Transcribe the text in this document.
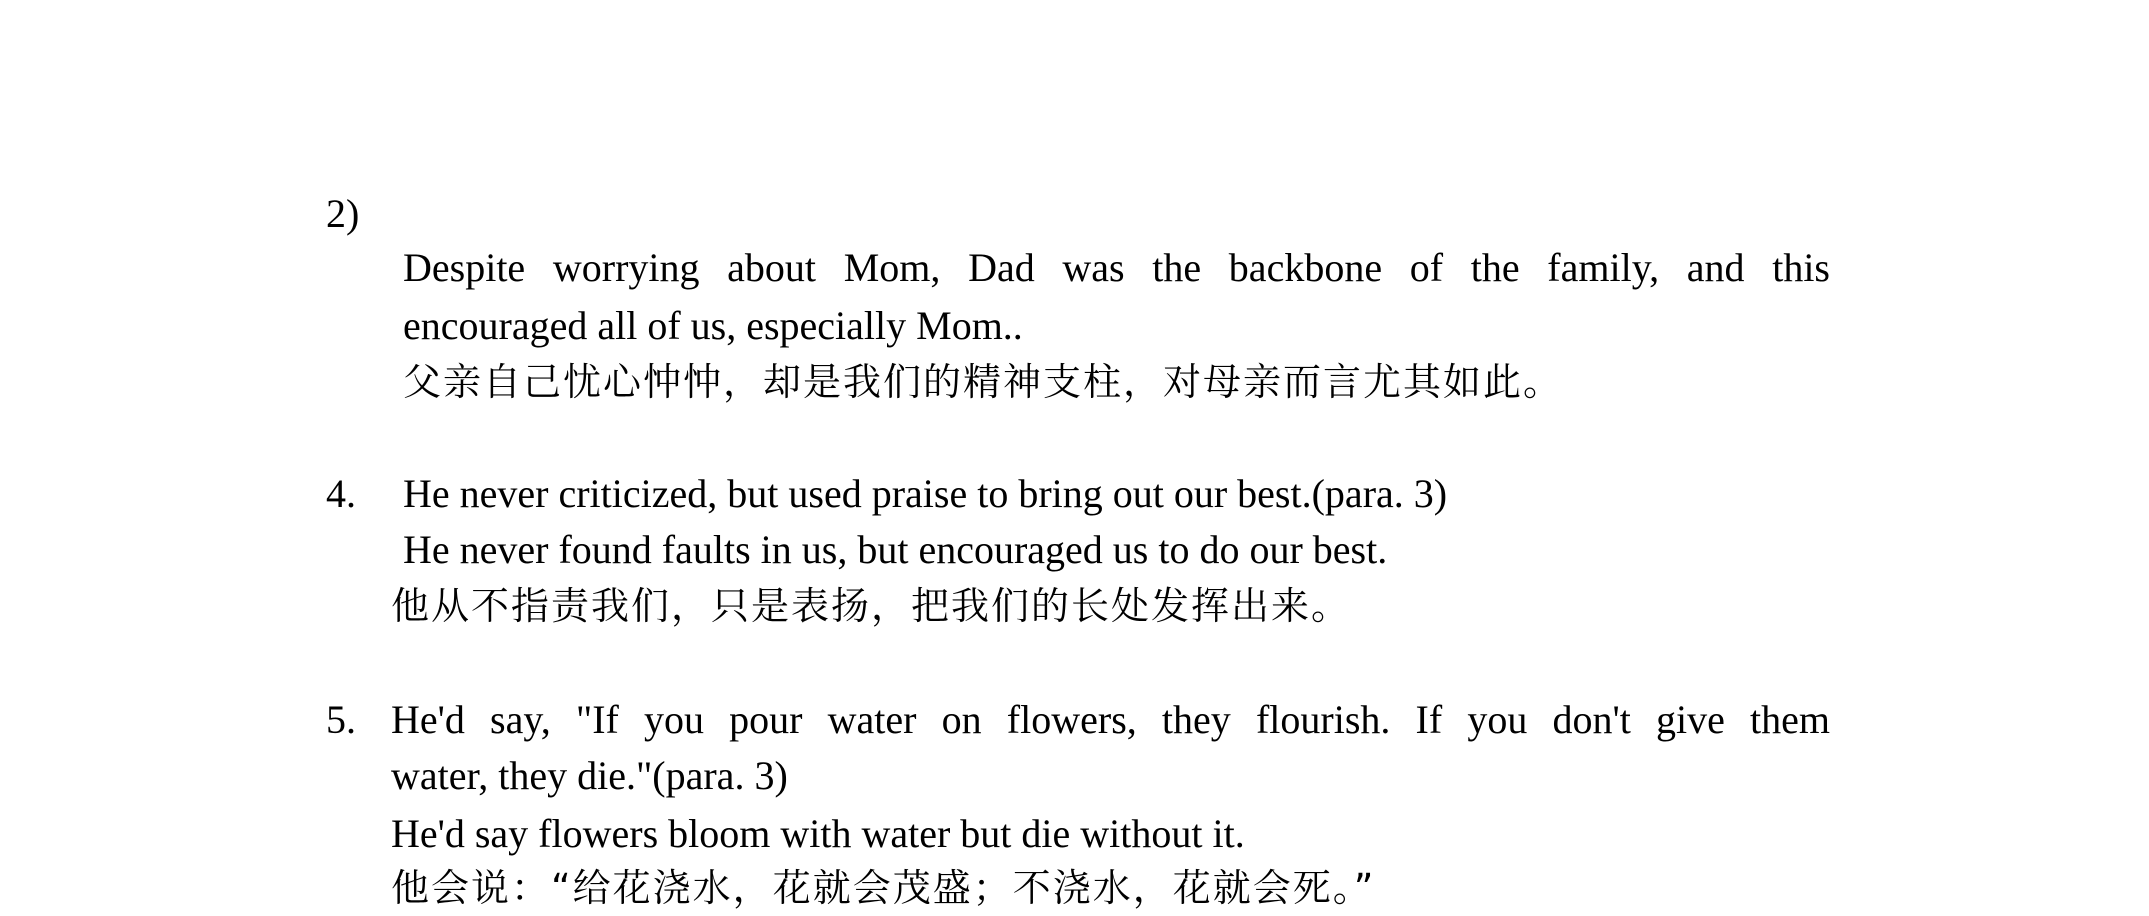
2)
Despite worrying about Mom, Dad was the backbone of the family, and this
encouraged all of us, especially Mom..
父亲自己忧心忡忡，却是我们的精神支柱，对母亲而言尤其如此。
4. He never criticized, but used praise to bring out our best.(para. 3)
He never found faults in us, but encouraged us to do our best.
他从不指责我们，只是表扬，把我们的长处发挥出来。
5. He'd say, "If you pour water on flowers, they flourish. If you don't give them
water, they die."(para. 3)
He'd say flowers bloom with water but die without it.
他会说：“给花浇水，花就会茂盛；不浇水，花就会死。”
